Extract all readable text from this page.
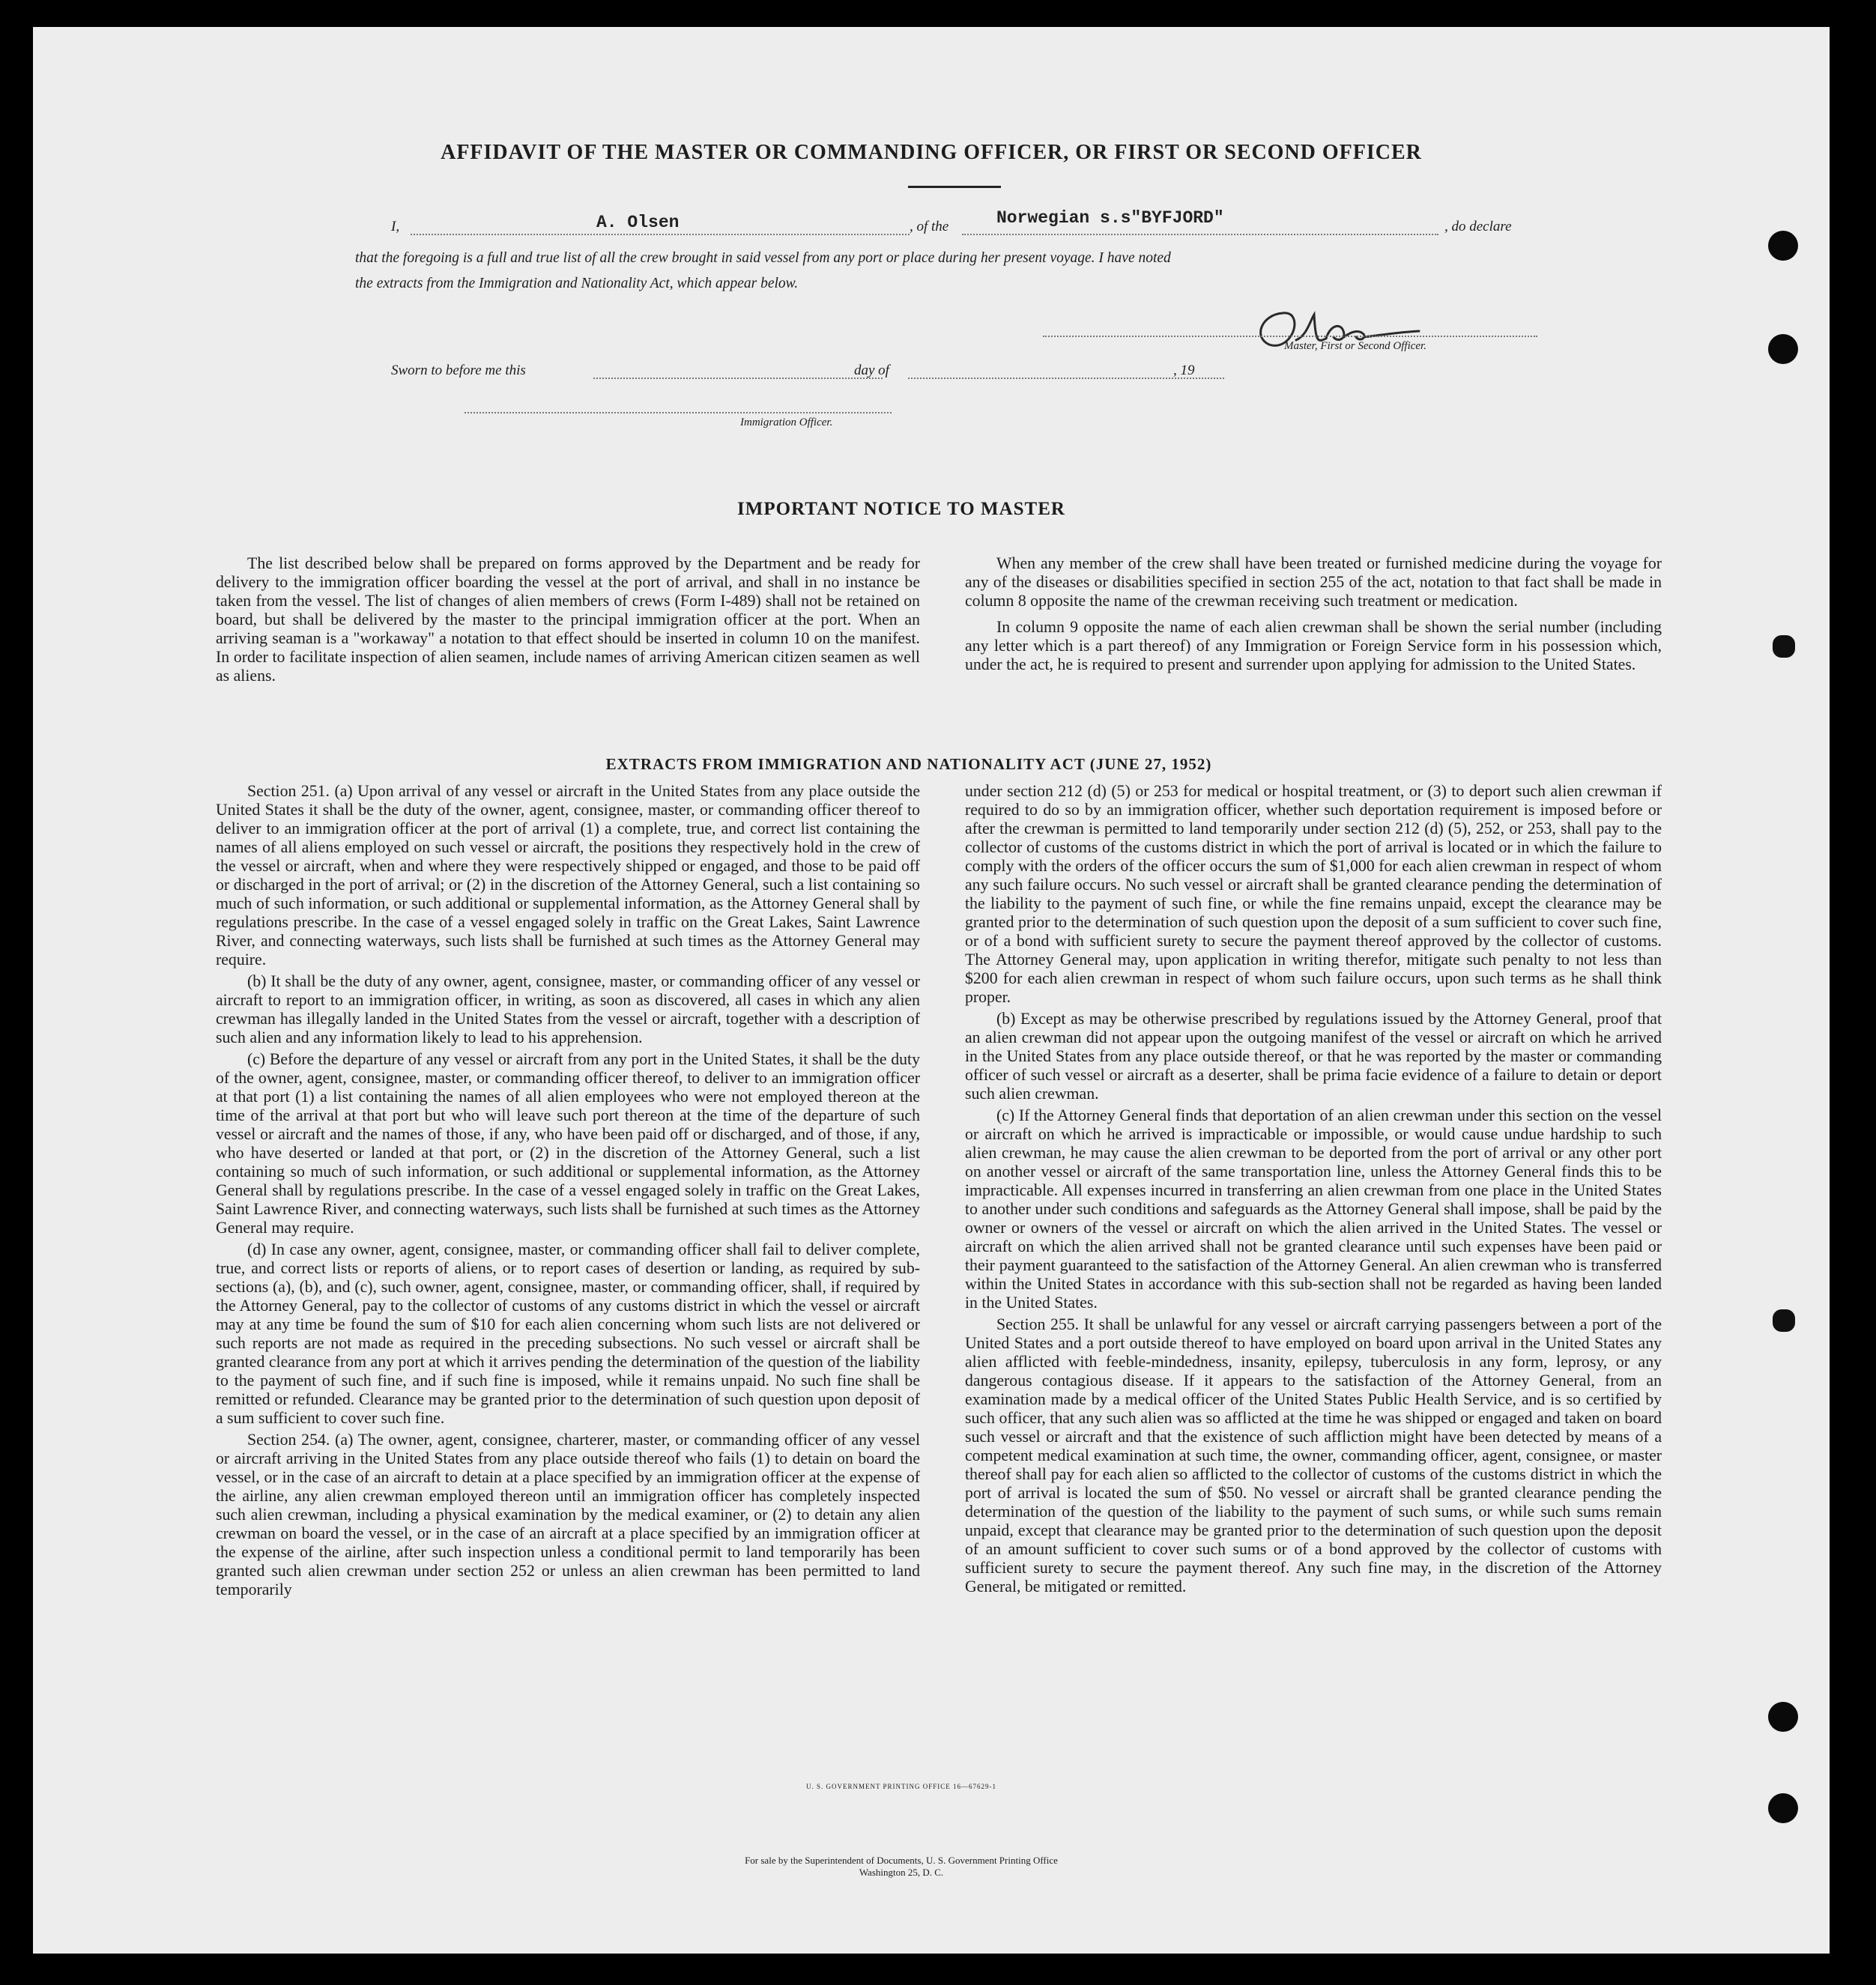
AFFIDAVIT OF THE MASTER OR COMMANDING OFFICER, OR FIRST OR SECOND OFFICER
I,	A. Olsen	, of the	Norwegian s.s"BYFJORD"	, do declare
that the foregoing is a full and true list of all the crew brought in said vessel from any port or place during her present voyage. I have noted
the extracts from the Immigration and Nationality Act, which appear below.
Master, First or Second Officer.
Sworn to before me this	day of	, 19
Immigration Officer.
IMPORTANT NOTICE TO MASTER

The list described below shall be prepared on forms approved by the Department and be ready for delivery to the immigration officer boarding the vessel at the port of arrival, and shall in no instance be taken from the vessel. The list of changes of alien members of crews (Form I-489) shall not be retained on board, but shall be delivered by the master to the principal immigration officer at the port. When an arriving seaman is a "workaway" a notation to that effect should be inserted in column 10 on the manifest. In order to facilitate inspection of alien seamen, include names of arriving American citizen seamen as well as aliens.

When any member of the crew shall have been treated or furnished medicine during the voyage for any of the diseases or disabilities specified in section 255 of the act, notation to that fact shall be made in column 8 opposite the name of the crewman receiving such treatment or medication.

In column 9 opposite the name of each alien crewman shall be shown the serial number (including any letter which is a part thereof) of any Immigration or Foreign Service form in his possession which, under the act, he is required to present and surrender upon applying for admission to the United States.

EXTRACTS FROM IMMIGRATION AND NATIONALITY ACT (JUNE 27, 1952)

Section 251. (a) Upon arrival of any vessel or aircraft in the United States from any place outside the United States it shall be the duty of the owner, agent, consignee, master, or commanding officer thereof to deliver to an immigration officer at the port of arrival (1) a complete, true, and correct list containing the names of all aliens employed on such vessel or aircraft, the positions they respectively hold in the crew of the vessel or aircraft, when and where they were respectively shipped or engaged, and those to be paid off or discharged in the port of arrival; or (2) in the discretion of the Attorney General, such a list containing so much of such information, or such additional or supplemental information, as the Attorney General shall by regulations prescribe. In the case of a vessel engaged solely in traffic on the Great Lakes, Saint Lawrence River, and connecting waterways, such lists shall be furnished at such times as the Attorney General may require.

(b) It shall be the duty of any owner, agent, consignee, master, or commanding officer of any vessel or aircraft to report to an immigration officer, in writing, as soon as discovered, all cases in which any alien crewman has illegally landed in the United States from the vessel or aircraft, together with a description of such alien and any information likely to lead to his apprehension.

(c) Before the departure of any vessel or aircraft from any port in the United States, it shall be the duty of the owner, agent, consignee, master, or commanding officer thereof, to deliver to an immigration officer at that port (1) a list containing the names of all alien employees who were not employed thereon at the time of the arrival at that port but who will leave such port thereon at the time of the departure of such vessel or aircraft and the names of those, if any, who have been paid off or discharged, and of those, if any, who have deserted or landed at that port, or (2) in the discretion of the Attorney General, such a list containing so much of such information, or such additional or supplemental information, as the Attorney General shall by regulations prescribe. In the case of a vessel engaged solely in traffic on the Great Lakes, Saint Lawrence River, and connecting waterways, such lists shall be furnished at such times as the Attorney General may require.

(d) In case any owner, agent, consignee, master, or commanding officer shall fail to deliver complete, true, and correct lists or reports of aliens, or to report cases of desertion or landing, as required by sub-sections (a), (b), and (c), such owner, agent, consignee, master, or commanding officer, shall, if required by the Attorney General, pay to the collector of customs of any customs district in which the vessel or aircraft may at any time be found the sum of $10 for each alien concerning whom such lists are not delivered or such reports are not made as required in the preceding subsections. No such vessel or aircraft shall be granted clearance from any port at which it arrives pending the determination of the question of the liability to the payment of such fine, and if such fine is imposed, while it remains unpaid. No such fine shall be remitted or refunded. Clearance may be granted prior to the determination of such question upon deposit of a sum sufficient to cover such fine.

Section 254. (a) The owner, agent, consignee, charterer, master, or commanding officer of any vessel or aircraft arriving in the United States from any place outside thereof who fails (1) to detain on board the vessel, or in the case of an aircraft to detain at a place specified by an immigration officer at the expense of the airline, any alien crewman employed thereon until an immigration officer has completely inspected such alien crewman, including a physical examination by the medical examiner, or (2) to detain any alien crewman on board the vessel, or in the case of an aircraft at a place specified by an immigration officer at the expense of the airline, after such inspection unless a conditional permit to land temporarily has been granted such alien crewman under section 252 or unless an alien crewman has been permitted to land temporarily

under section 212 (d) (5) or 253 for medical or hospital treatment, or (3) to deport such alien crewman if required to do so by an immigration officer, whether such deportation requirement is imposed before or after the crewman is permitted to land temporarily under section 212 (d) (5), 252, or 253, shall pay to the collector of customs of the customs district in which the port of arrival is located or in which the failure to comply with the orders of the officer occurs the sum of $1,000 for each alien crewman in respect of whom any such failure occurs. No such vessel or aircraft shall be granted clearance pending the determination of the liability to the payment of such fine, or while the fine remains unpaid, except the clearance may be granted prior to the determination of such question upon the deposit of a sum sufficient to cover such fine, or of a bond with sufficient surety to secure the payment thereof approved by the collector of customs. The Attorney General may, upon application in writing therefor, mitigate such penalty to not less than $200 for each alien crewman in respect of whom such failure occurs, upon such terms as he shall think proper.

(b) Except as may be otherwise prescribed by regulations issued by the Attorney General, proof that an alien crewman did not appear upon the outgoing manifest of the vessel or aircraft on which he arrived in the United States from any place outside thereof, or that he was reported by the master or commanding officer of such vessel or aircraft as a deserter, shall be prima facie evidence of a failure to detain or deport such alien crewman.

(c) If the Attorney General finds that deportation of an alien crewman under this section on the vessel or aircraft on which he arrived is impracticable or impossible, or would cause undue hardship to such alien crewman, he may cause the alien crewman to be deported from the port of arrival or any other port on another vessel or aircraft of the same transportation line, unless the Attorney General finds this to be impracticable. All expenses incurred in transferring an alien crewman from one place in the United States to another under such conditions and safeguards as the Attorney General shall impose, shall be paid by the owner or owners of the vessel or aircraft on which the alien arrived in the United States. The vessel or aircraft on which the alien arrived shall not be granted clearance until such expenses have been paid or their payment guaranteed to the satisfaction of the Attorney General. An alien crewman who is transferred within the United States in accordance with this sub-section shall not be regarded as having been landed in the United States.

Section 255. It shall be unlawful for any vessel or aircraft carrying passengers between a port of the United States and a port outside thereof to have employed on board upon arrival in the United States any alien afflicted with feeble-mindedness, insanity, epilepsy, tuberculosis in any form, leprosy, or any dangerous contagious disease. If it appears to the satisfaction of the Attorney General, from an examination made by a medical officer of the United States Public Health Service, and is so certified by such officer, that any such alien was so afflicted at the time he was shipped or engaged and taken on board such vessel or aircraft and that the existence of such affliction might have been detected by means of a competent medical examination at such time, the owner, commanding officer, agent, consignee, or master thereof shall pay for each alien so afflicted to the collector of customs of the customs district in which the port of arrival is located the sum of $50. No vessel or aircraft shall be granted clearance pending the determination of the question of the liability to the payment of such sums, or while such sums remain unpaid, except that clearance may be granted prior to the determination of such question upon the deposit of an amount sufficient to cover such sums or of a bond approved by the collector of customs with sufficient surety to secure the payment thereof. Any such fine may, in the discretion of the Attorney General, be mitigated or remitted.

U. S. GOVERNMENT PRINTING OFFICE 16—67629-1
For sale by the Superintendent of Documents, U. S. Government Printing Office
Washington 25, D. C.
